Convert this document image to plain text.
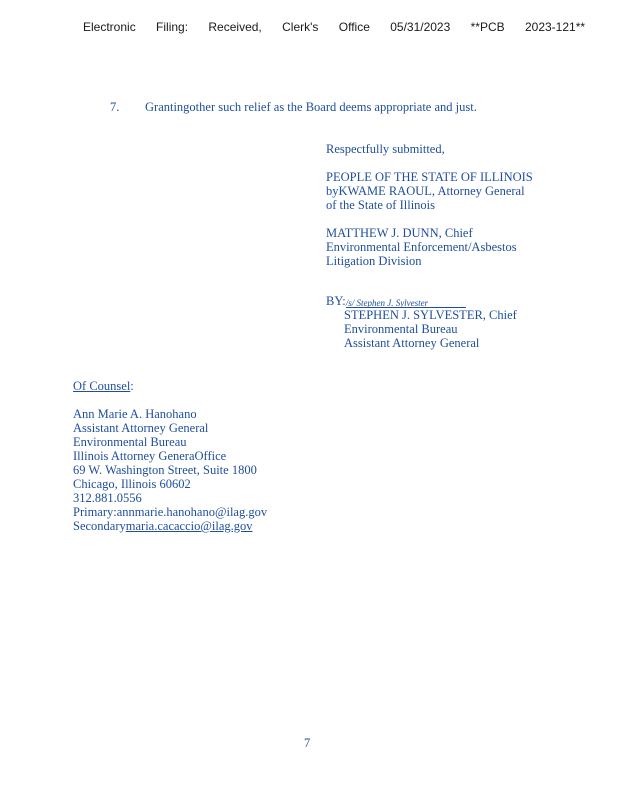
Electronic Filing: Received, Clerk's Office 05/31/2023 **PCB 2023-121**
7. Grantingother such relief as the Board deems appropriate and just.
Respectfully submitted,
PEOPLE OF THE STATE OF ILLINOIS
byKWAME RAOUL, Attorney General
of the State of Illinois
MATTHEW J. DUNN, Chief
Environmental Enforcement/Asbestos
Litigation Division
BY:/s/ Stephen J. Sylvester
STEPHEN J. SYLVESTER, Chief
Environmental Bureau
Assistant Attorney General
Of Counsel:
Ann Marie A. Hanohano
Assistant Attorney General
Environmental Bureau
Illinois Attorney GeneraOffice
69 W. Washington Street, Suite 1800
Chicago, Illinois 60602
312.881.0556
Primary:annmarie.hanohano@ilag.gov
Secondarymaria.cacaccio@ilag.gov
7
